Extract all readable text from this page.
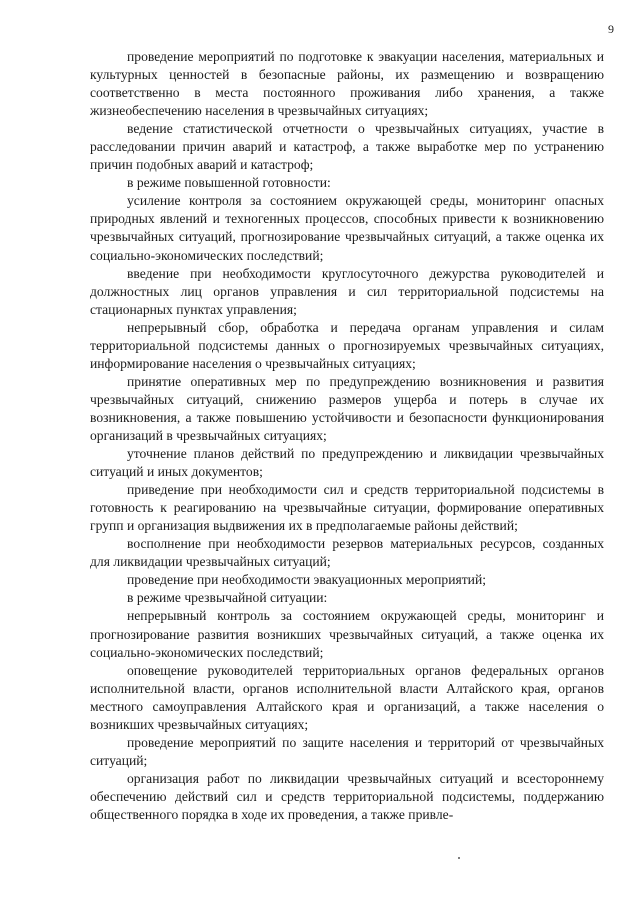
9

проведение мероприятий по подготовке к эвакуации населения, материальных и культурных ценностей в безопасные районы, их размещению и возвращению соответственно в места постоянного проживания либо хранения, а также жизнеобеспечению населения в чрезвычайных ситуациях;

ведение статистической отчетности о чрезвычайных ситуациях, участие в расследовании причин аварий и катастроф, а также выработке мер по устранению причин подобных аварий и катастроф;

в режиме повышенной готовности:

усиление контроля за состоянием окружающей среды, мониторинг опасных природных явлений и техногенных процессов, способных привести к возникновению чрезвычайных ситуаций, прогнозирование чрезвычайных ситуаций, а также оценка их социально-экономических последствий;

введение при необходимости круглосуточного дежурства руководителей и должностных лиц органов управления и сил территориальной подсистемы на стационарных пунктах управления;

непрерывный сбор, обработка и передача органам управления и силам территориальной подсистемы данных о прогнозируемых чрезвычайных ситуациях, информирование населения о чрезвычайных ситуациях;

принятие оперативных мер по предупреждению возникновения и развития чрезвычайных ситуаций, снижению размеров ущерба и потерь в случае их возникновения, а также повышению устойчивости и безопасности функционирования организаций в чрезвычайных ситуациях;

уточнение планов действий по предупреждению и ликвидации чрезвычайных ситуаций и иных документов;

приведение при необходимости сил и средств территориальной подсистемы в готовность к реагированию на чрезвычайные ситуации, формирование оперативных групп и организация выдвижения их в предполагаемые районы действий;

восполнение при необходимости резервов материальных ресурсов, созданных для ликвидации чрезвычайных ситуаций;

проведение при необходимости эвакуационных мероприятий;

в режиме чрезвычайной ситуации:

непрерывный контроль за состоянием окружающей среды, мониторинг и прогнозирование развития возникших чрезвычайных ситуаций, а также оценка их социально-экономических последствий;

оповещение руководителей территориальных органов федеральных органов исполнительной власти, органов исполнительной власти Алтайского края, органов местного самоуправления Алтайского края и организаций, а также населения о возникших чрезвычайных ситуациях;

проведение мероприятий по защите населения и территорий от чрезвычайных ситуаций;

организация работ по ликвидации чрезвычайных ситуаций и всестороннему обеспечению действий сил и средств территориальной подсистемы, поддержанию общественного порядка в ходе их проведения, а также привле-
